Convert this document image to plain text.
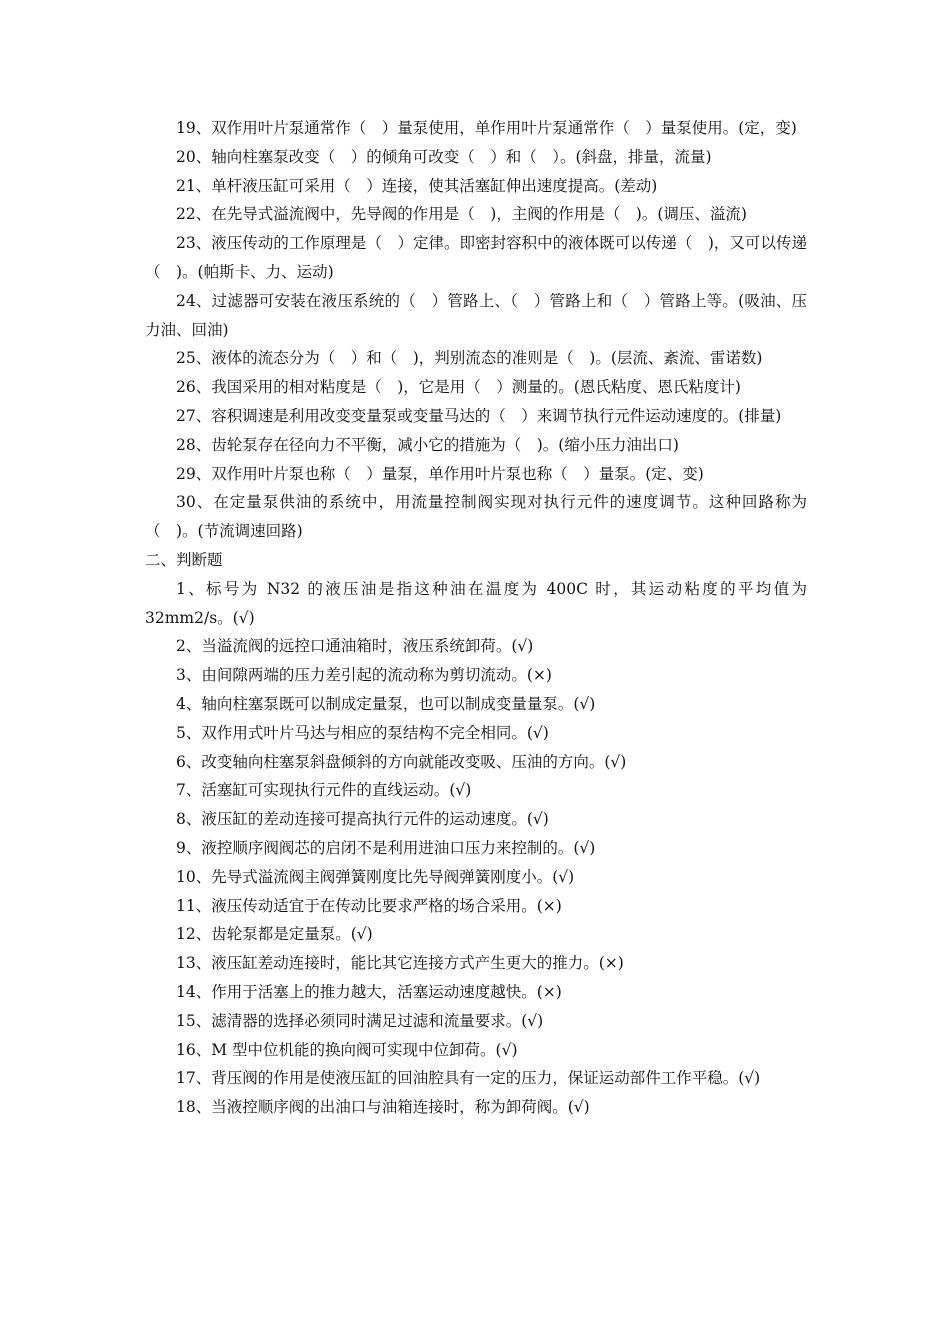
19、双作用叶片泵通常作（　）量泵使用，单作用叶片泵通常作（　）量泵使用。(定，变)

20、轴向柱塞泵改变（　）的倾角可改变（　）和（　）。(斜盘，排量，流量)

21、单杆液压缸可采用（　）连接，使其活塞缸伸出速度提高。(差动)

22、在先导式溢流阀中，先导阀的作用是（　)，主阀的作用是（　)。(调压、溢流)

23、液压传动的工作原理是（　）定律。即密封容积中的液体既可以传递（　)，又可以传递（　)。(帕斯卡、力、运动)

24、过滤器可安装在液压系统的（　）管路上、（　）管路上和（　）管路上等。(吸油、压力油、回油)

25、液体的流态分为（　）和（　)，判别流态的准则是（　)。(层流、紊流、雷诺数)

26、我国采用的相对粘度是（　)，它是用（　）测量的。(恩氏粘度、恩氏粘度计)

27、容积调速是利用改变变量泵或变量马达的（　）来调节执行元件运动速度的。(排量)

28、齿轮泵存在径向力不平衡，减小它的措施为（　)。(缩小压力油出口)

29、双作用叶片泵也称（　）量泵，单作用叶片泵也称（　）量泵。(定、变)

30、在定量泵供油的系统中，用流量控制阀实现对执行元件的速度调节。这种回路称为（　)。(节流调速回路)

二、判断题

1、标号为 N32 的液压油是指这种油在温度为 400C 时，其运动粘度的平均值为 32mm2/s。(√)

2、当溢流阀的远控口通油箱时，液压系统卸荷。(√)

3、由间隙两端的压力差引起的流动称为剪切流动。(×)

4、轴向柱塞泵既可以制成定量泵，也可以制成变量量泵。(√)

5、双作用式叶片马达与相应的泵结构不完全相同。(√)

6、改变轴向柱塞泵斜盘倾斜的方向就能改变吸、压油的方向。(√)

7、活塞缸可实现执行元件的直线运动。(√)

8、液压缸的差动连接可提高执行元件的运动速度。(√)

9、液控顺序阀阀芯的启闭不是利用进油口压力来控制的。(√)

10、先导式溢流阀主阀弹簧刚度比先导阀弹簧刚度小。(√)

11、液压传动适宜于在传动比要求严格的场合采用。(×)

12、齿轮泵都是定量泵。(√)

13、液压缸差动连接时，能比其它连接方式产生更大的推力。(×)

14、作用于活塞上的推力越大，活塞运动速度越快。(×)

15、滤清器的选择必须同时满足过滤和流量要求。(√)

16、M 型中位机能的换向阀可实现中位卸荷。(√)

17、背压阀的作用是使液压缸的回油腔具有一定的压力，保证运动部件工作平稳。(√)

18、当液控顺序阀的出油口与油箱连接时，称为卸荷阀。(√)
